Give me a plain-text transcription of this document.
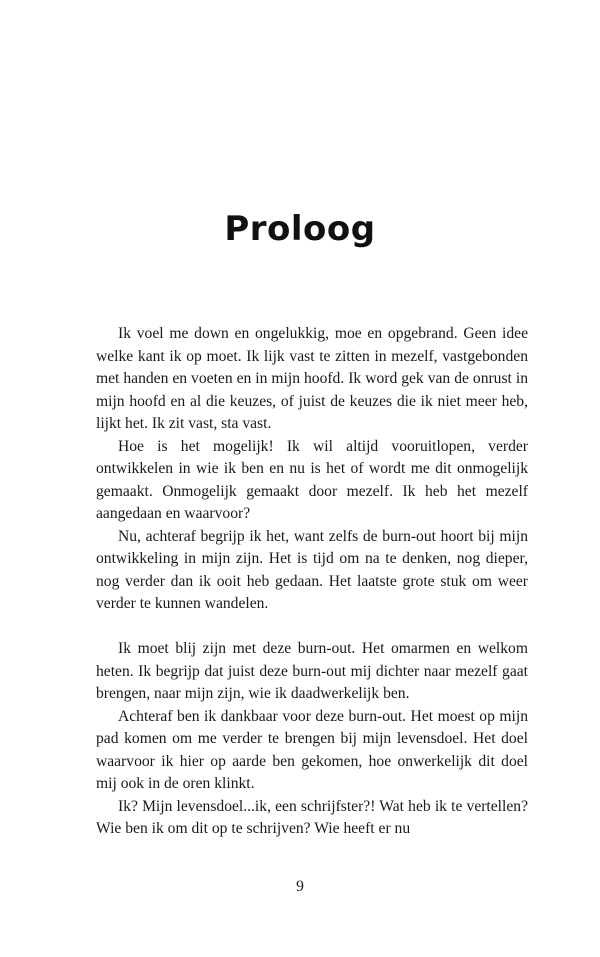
Proloog

Ik voel me down en ongelukkig, moe en opgebrand. Geen idee welke kant ik op moet. Ik lijk vast te zitten in mezelf, vastgebonden met handen en voeten en in mijn hoofd. Ik word gek van de onrust in mijn hoofd en al die keuzes, of juist de keuzes die ik niet meer heb, lijkt het. Ik zit vast, sta vast.

Hoe is het mogelijk! Ik wil altijd vooruitlopen, verder ontwikkelen in wie ik ben en nu is het of wordt me dit onmogelijk gemaakt. Onmogelijk gemaakt door mezelf. Ik heb het mezelf aangedaan en waarvoor?

Nu, achteraf begrijp ik het, want zelfs de burn-out hoort bij mijn ontwikkeling in mijn zijn. Het is tijd om na te denken, nog dieper, nog verder dan ik ooit heb gedaan. Het laatste grote stuk om weer verder te kunnen wandelen.

Ik moet blij zijn met deze burn-out. Het omarmen en welkom heten. Ik begrijp dat juist deze burn-out mij dichter naar mezelf gaat brengen, naar mijn zijn, wie ik daadwerkelijk ben.

Achteraf ben ik dankbaar voor deze burn-out. Het moest op mijn pad komen om me verder te brengen bij mijn levensdoel. Het doel waarvoor ik hier op aarde ben gekomen, hoe onwerkelijk dit doel mij ook in de oren klinkt.

Ik? Mijn levensdoel...ik, een schrijfster?! Wat heb ik te vertellen? Wie ben ik om dit op te schrijven? Wie heeft er nu

9
